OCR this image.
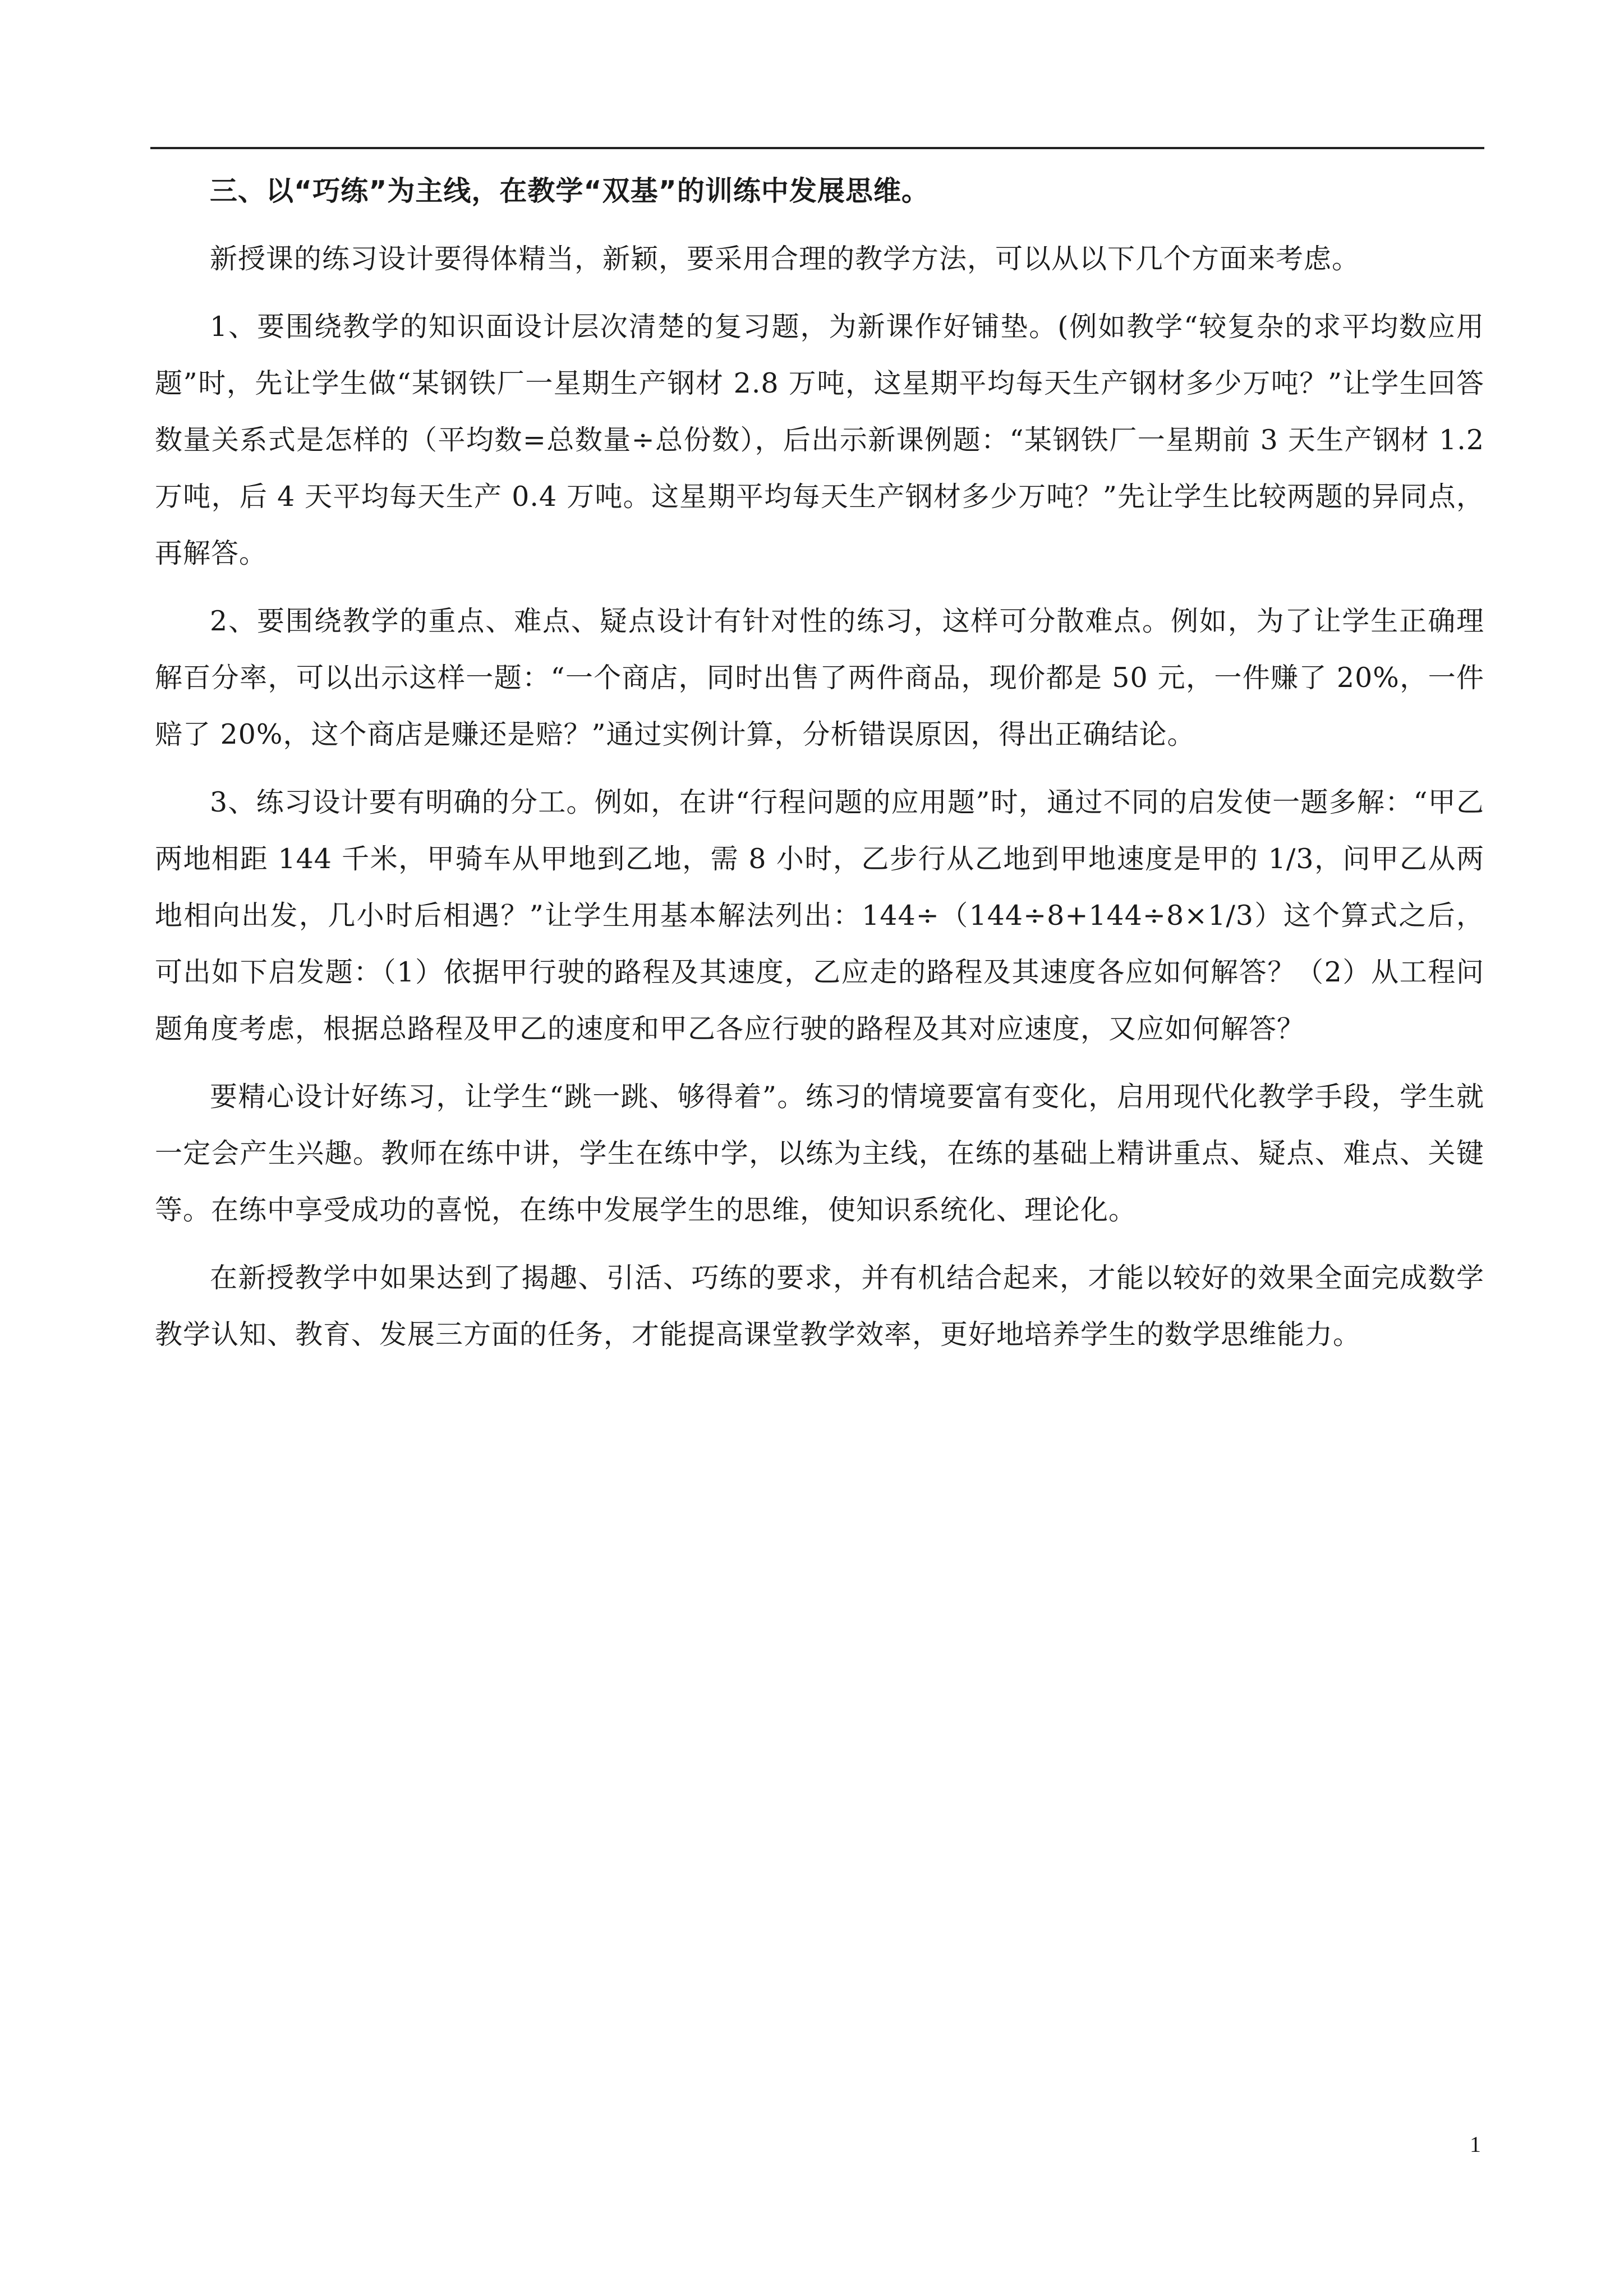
三、以“巧练”为主线，在教学“双基”的训练中发展思维。

新授课的练习设计要得体精当，新颖，要采用合理的教学方法，可以从以下几个方面来考虑。

1、要围绕教学的知识面设计层次清楚的复习题，为新课作好铺垫。(例如教学“较复杂的求平均数应用题”时，先让学生做“某钢铁厂一星期生产钢材 2.8 万吨，这星期平均每天生产钢材多少万吨？”让学生回答数量关系式是怎样的（平均数=总数量÷总份数），后出示新课例题：“某钢铁厂一星期前 3 天生产钢材 1.2 万吨，后 4 天平均每天生产 0.4 万吨。这星期平均每天生产钢材多少万吨？”先让学生比较两题的异同点，再解答。

2、要围绕教学的重点、难点、疑点设计有针对性的练习，这样可分散难点。例如，为了让学生正确理解百分率，可以出示这样一题：“一个商店，同时出售了两件商品，现价都是 50 元，一件赚了 20%，一件赔了 20%，这个商店是赚还是赔？”通过实例计算，分析错误原因，得出正确结论。

3、练习设计要有明确的分工。例如，在讲“行程问题的应用题”时，通过不同的启发使一题多解：“甲乙两地相距 144 千米，甲骑车从甲地到乙地，需 8 小时，乙步行从乙地到甲地速度是甲的 1/3，问甲乙从两地相向出发，几小时后相遇？”让学生用基本解法列出：144÷（144÷8+144÷8×1/3）这个算式之后，可出如下启发题：（1）依据甲行驶的路程及其速度，乙应走的路程及其速度各应如何解答？（2）从工程问题角度考虑，根据总路程及甲乙的速度和甲乙各应行驶的路程及其对应速度，又应如何解答？

要精心设计好练习，让学生“跳一跳、够得着”。练习的情境要富有变化，启用现代化教学手段，学生就一定会产生兴趣。教师在练中讲，学生在练中学，以练为主线，在练的基础上精讲重点、疑点、难点、关键等。在练中享受成功的喜悦，在练中发展学生的思维，使知识系统化、理论化。

在新授教学中如果达到了揭趣、引活、巧练的要求，并有机结合起来，才能以较好的效果全面完成数学教学认知、教育、发展三方面的任务，才能提高课堂教学效率，更好地培养学生的数学思维能力。

1
